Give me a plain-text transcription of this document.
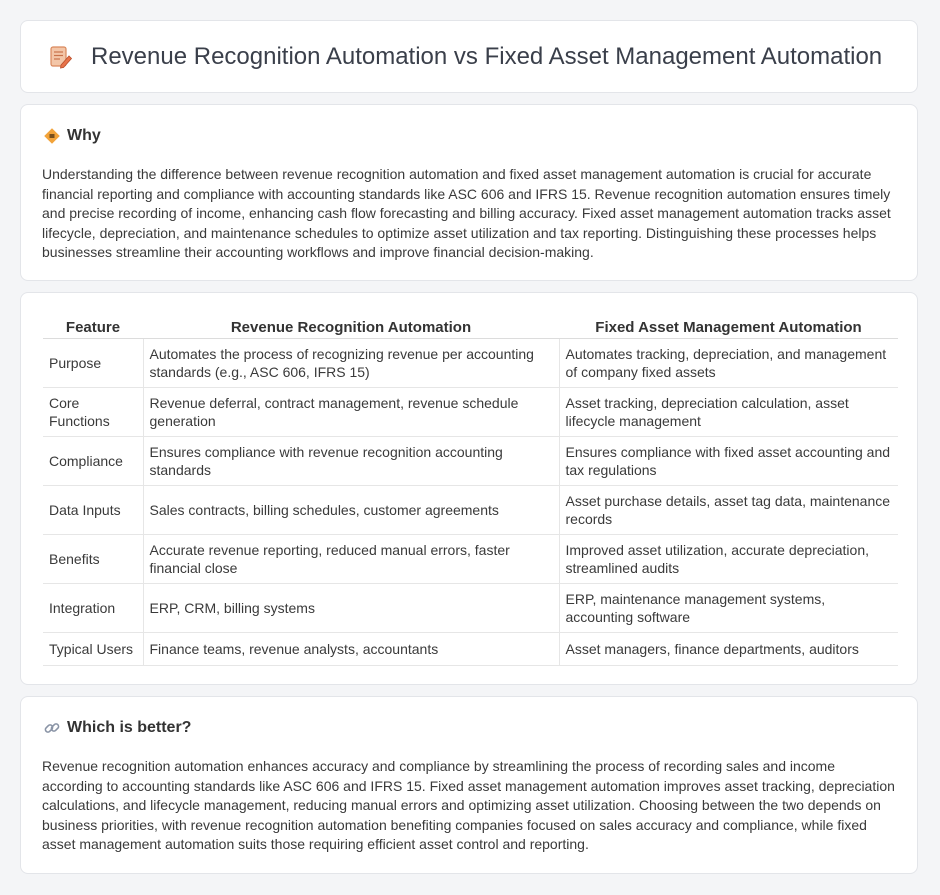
Revenue Recognition Automation vs Fixed Asset Management Automation
Why
Understanding the difference between revenue recognition automation and fixed asset management automation is crucial for accurate financial reporting and compliance with accounting standards like ASC 606 and IFRS 15. Revenue recognition automation ensures timely and precise recording of income, enhancing cash flow forecasting and billing accuracy. Fixed asset management automation tracks asset lifecycle, depreciation, and maintenance schedules to optimize asset utilization and tax reporting. Distinguishing these processes helps businesses streamline their accounting workflows and improve financial decision-making.
Feature	Revenue Recognition Automation	Fixed Asset Management Automation
Purpose	Automates the process of recognizing revenue per accounting standards (e.g., ASC 606, IFRS 15)	Automates tracking, depreciation, and management of company fixed assets
Core Functions	Revenue deferral, contract management, revenue schedule generation	Asset tracking, depreciation calculation, asset lifecycle management
Compliance	Ensures compliance with revenue recognition accounting standards	Ensures compliance with fixed asset accounting and tax regulations
Data Inputs	Sales contracts, billing schedules, customer agreements	Asset purchase details, asset tag data, maintenance records
Benefits	Accurate revenue reporting, reduced manual errors, faster financial close	Improved asset utilization, accurate depreciation, streamlined audits
Integration	ERP, CRM, billing systems	ERP, maintenance management systems, accounting software
Typical Users	Finance teams, revenue analysts, accountants	Asset managers, finance departments, auditors
Which is better?
Revenue recognition automation enhances accuracy and compliance by streamlining the process of recording sales and income according to accounting standards like ASC 606 and IFRS 15. Fixed asset management automation improves asset tracking, depreciation calculations, and lifecycle management, reducing manual errors and optimizing asset utilization. Choosing between the two depends on business priorities, with revenue recognition automation benefiting companies focused on sales accuracy and compliance, while fixed asset management automation suits those requiring efficient asset control and reporting.
